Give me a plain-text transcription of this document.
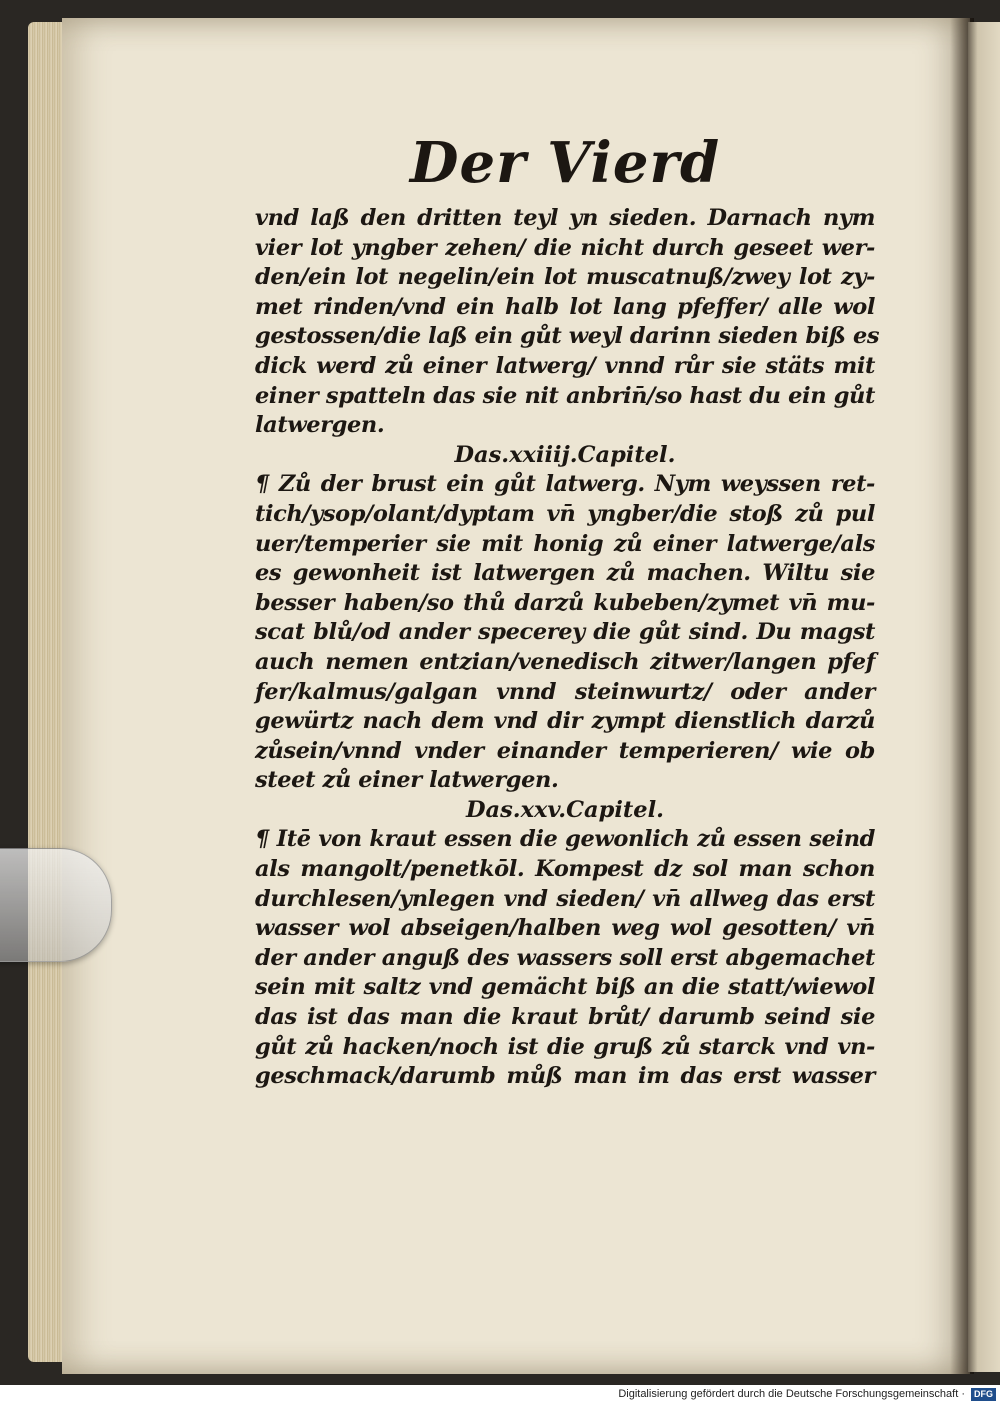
Der Vierd
vnd laß den dritten teyl yn sieden. Darnach nym
vier lot yngber zehen/ die nicht durch geseet wer-
den/ein lot negelin/ein lot muscatnuß/zwey lot zy-
met rinden/vnd ein halb lot lang pfeffer/ alle wol
gestossen/die laß ein gůt weyl darinn sieden biß es
dick werd zů einer latwerg/ vnnd růr sie stäts mit
einer spatteln das sie nit anbrin̄/so hast du ein gůt
latwergen.
Das.xxiiij.Capitel.
¶ Zů der brust ein gůt latwerg. Nym weyssen ret-
tich/ysop/olant/dyptam vn̄ yngber/die stoß zů pul
uer/temperier sie mit honig zů einer latwerge/als
es gewonheit ist latwergen zů machen. Wiltu sie
besser haben/so thů darzů kubeben/zymet vn̄ mu-
scat blů/od ander specerey die gůt sind. Du magst
auch nemen entzian/venedisch zitwer/langen pfef
fer/kalmus/galgan vnnd steinwurtz/ oder ander
gewürtz nach dem vnd dir zympt dienstlich darzů
zůsein/vnnd vnder einander temperieren/ wie ob
steet zů einer latwergen.
Das.xxv.Capitel.
¶ Itē von kraut essen die gewonlich zů essen seind
als mangolt/penetkōl. Kompest dz sol man schon
durchlesen/ynlegen vnd sieden/ vn̄ allweg das erst
wasser wol abseigen/halben weg wol gesotten/ vn̄
der ander anguß des wassers soll erst abgemachet
sein mit saltz vnd gemächt biß an die statt/wiewol
das ist das man die kraut brůt/ darumb seind sie
gůt zů hacken/noch ist die gruß zů starck vnd vn-
geschmack/darumb můß man im das erst wasser
Digitalisierung gefördert durch die Deutsche Forschungsgemeinschaft · DFG
